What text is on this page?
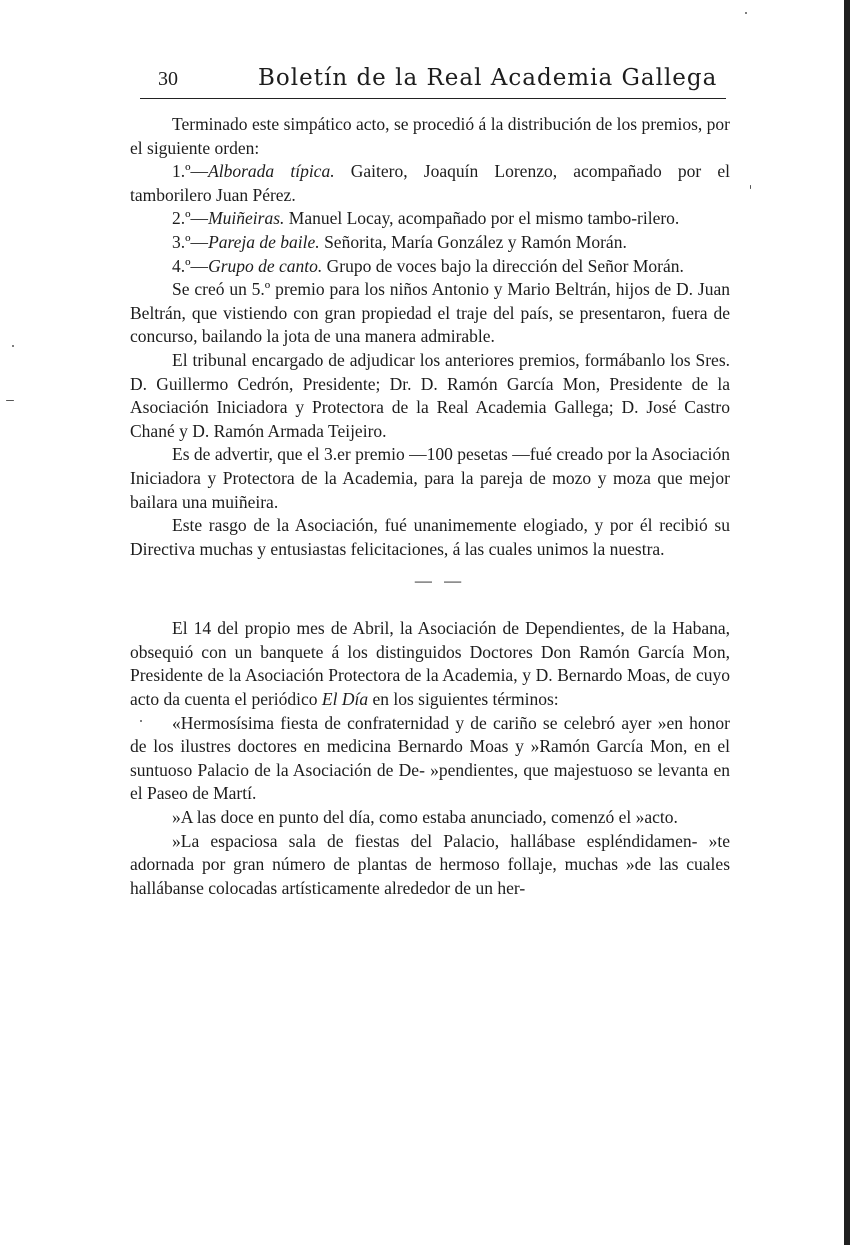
30	Boletín de la Real Academia Gallega

Terminado este simpático acto, se procedió á la distribución de los premios, por el siguiente orden:

1.º—Alborada típica. Gaitero, Joaquín Lorenzo, acompañado por el tamborilero Juan Pérez.

2.º—Muiñeiras. Manuel Locay, acompañado por el mismo tambo-rilero.

3.º—Pareja de baile. Señorita, María González y Ramón Morán.

4.º—Grupo de canto. Grupo de voces bajo la dirección del Señor Morán.

Se creó un 5.º premio para los niños Antonio y Mario Beltrán, hijos de D. Juan Beltrán, que vistiendo con gran propiedad el traje del país, se presentaron, fuera de concurso, bailando la jota de una manera admirable.

El tribunal encargado de adjudicar los anteriores premios, formábanlo los Sres. D. Guillermo Cedrón, Presidente; Dr. D. Ramón García Mon, Presidente de la Asociación Iniciadora y Protectora de la Real Academia Gallega; D. José Castro Chané y D. Ramón Armada Teijeiro.

Es de advertir, que el 3.er premio —100 pesetas —fué creado por la Asociación Iniciadora y Protectora de la Academia, para la pareja de mozo y moza que mejor bailara una muiñeira.

Este rasgo de la Asociación, fué unanimemente elogiado, y por él recibió su Directiva muchas y entusiastas felicitaciones, á las cuales unimos la nuestra.

— —

El 14 del propio mes de Abril, la Asociación de Dependientes, de la Habana, obsequió con un banquete á los distinguidos Doctores Don Ramón García Mon, Presidente de la Asociación Protectora de la Academia, y D. Bernardo Moas, de cuyo acto da cuenta el periódico El Día en los siguientes términos:

«Hermosísima fiesta de confraternidad y de cariño se celebró ayer »en honor de los ilustres doctores en medicina Bernardo Moas y »Ramón García Mon, en el suntuoso Palacio de la Asociación de De- »pendientes, que majestuoso se levanta en el Paseo de Martí.

»A las doce en punto del día, como estaba anunciado, comenzó el »acto.

»La espaciosa sala de fiestas del Palacio, hallábase espléndidamen- »te adornada por gran número de plantas de hermoso follaje, muchas »de las cuales hallábanse colocadas artísticamente alrededor de un her-
